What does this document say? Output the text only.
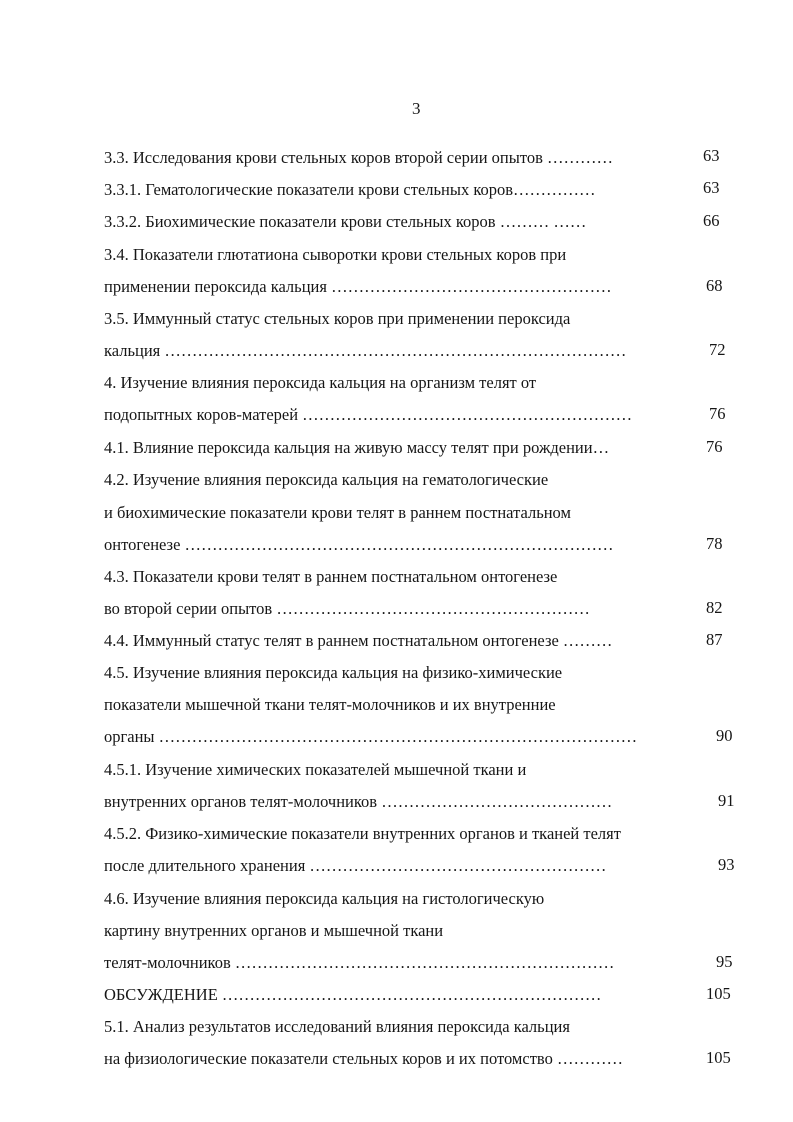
3
3.3. Исследования крови стельных коров второй серии опытов …………	63
3.3.1. Гематологические показатели крови стельных коров……………	63
3.3.2. Биохимические показатели крови стельных коров ……… ……	66
3.4. Показатели глютатиона сыворотки крови стельных коров при
применении пероксида кальция ……………………………………………	68
3.5. Иммунный статус стельных коров при применении пероксида
кальция …………………………………………………………………………	72
4. Изучение влияния пероксида кальция на организм телят от
подопытных коров-матерей ……………………………………………………	76
4.1. Влияние пероксида кальция на живую массу телят при рождении…	76
4.2. Изучение влияния пероксида кальция на гематологические
и биохимические показатели крови телят в раннем постнатальном
онтогенезе ……………………………………………………………………	78
4.3. Показатели крови телят в раннем постнатальном онтогенезе
во второй серии опытов …………………………………………………	82
4.4. Иммунный статус телят в раннем постнатальном онтогенезе ………	87
4.5. Изучение влияния пероксида кальция на физико-химические
показатели мышечной ткани телят-молочников и их внутренние
органы ……………………………………………………………………………	90
4.5.1. Изучение химических показателей мышечной ткани и
внутренних органов телят-молочников ……………………………………	91
4.5.2. Физико-химические показатели внутренних органов и тканей телят
после длительного хранения ………………………………………………	93
4.6. Изучение влияния пероксида кальция на гистологическую
картину внутренних органов и мышечной ткани
телят-молочников ……………………………………………………………	95
ОБСУЖДЕНИЕ ……………………………………………………………	105
5.1. Анализ результатов исследований влияния пероксида кальция
на физиологические показатели стельных коров и их потомство …………	105
